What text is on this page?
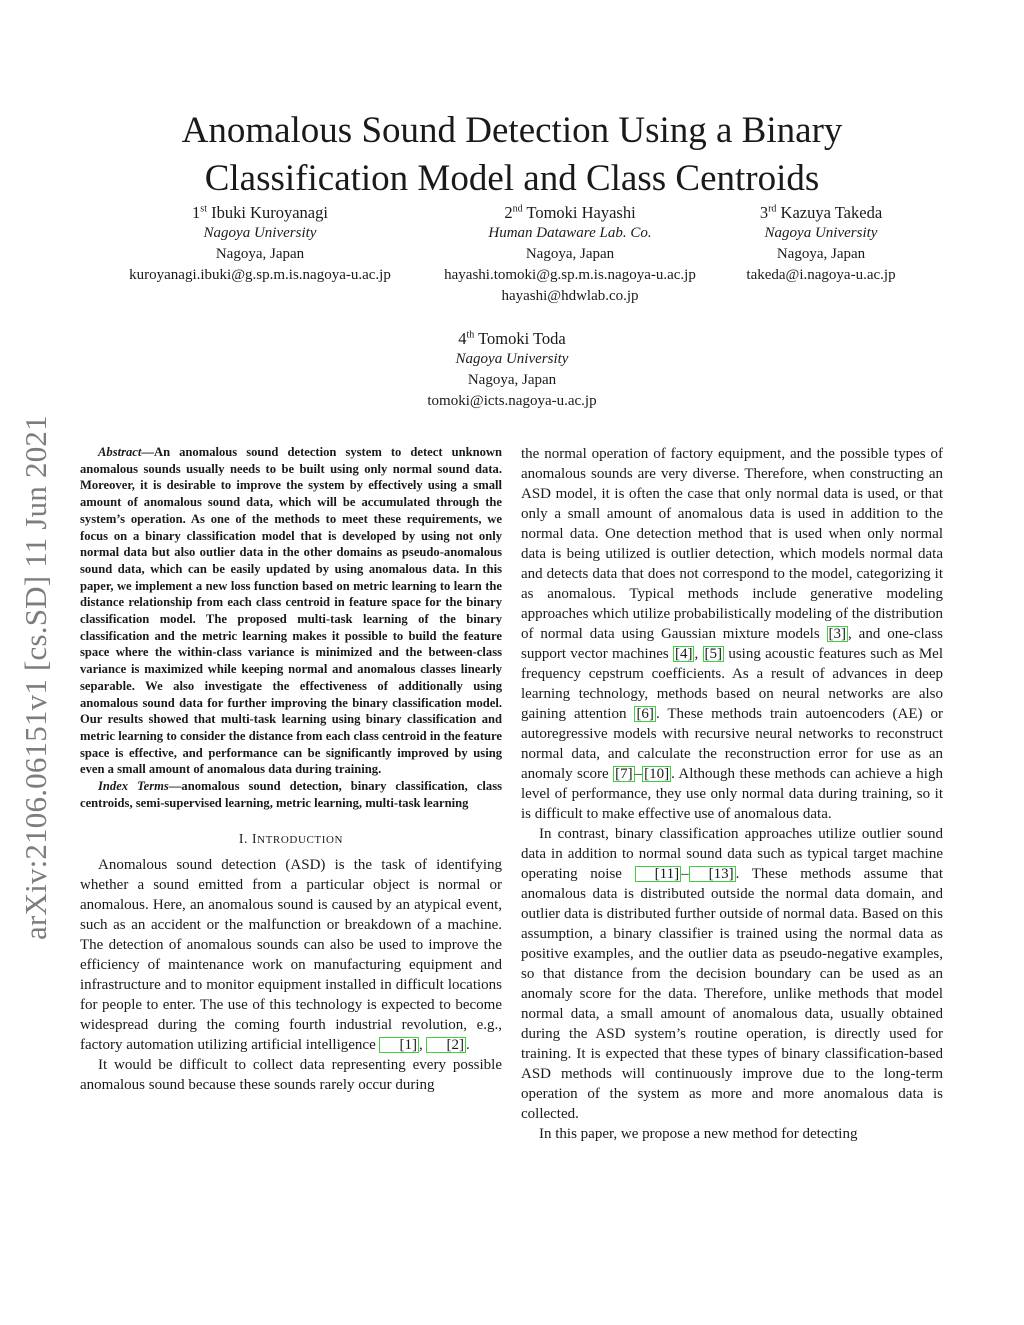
arXiv:2106.06151v1 [cs.SD] 11 Jun 2021
Anomalous Sound Detection Using a Binary
Classification Model and Class Centroids
1st Ibuki Kuroyanagi
Nagoya University
Nagoya, Japan
kuroyanagi.ibuki@g.sp.m.is.nagoya-u.ac.jp
2nd Tomoki Hayashi
Human Dataware Lab. Co.
Nagoya, Japan
hayashi.tomoki@g.sp.m.is.nagoya-u.ac.jp
hayashi@hdwlab.co.jp
3rd Kazuya Takeda
Nagoya University
Nagoya, Japan
takeda@i.nagoya-u.ac.jp
4th Tomoki Toda
Nagoya University
Nagoya, Japan
tomoki@icts.nagoya-u.ac.jp

Abstract—An anomalous sound detection system to detect unknown anomalous sounds usually needs to be built using only normal sound data. Moreover, it is desirable to improve the system by effectively using a small amount of anomalous sound data, which will be accumulated through the system’s operation. As one of the methods to meet these requirements, we focus on a binary classification model that is developed by using not only normal data but also outlier data in the other domains as pseudo-anomalous sound data, which can be easily updated by using anomalous data. In this paper, we implement a new loss function based on metric learning to learn the distance relationship from each class centroid in feature space for the binary classification model. The proposed multi-task learning of the binary classification and the metric learning makes it possible to build the feature space where the within-class variance is minimized and the between-class variance is maximized while keeping normal and anomalous classes linearly separable. We also investigate the effectiveness of additionally using anomalous sound data for further improving the binary classification model. Our results showed that multi-task learning using binary classification and metric learning to consider the distance from each class centroid in the feature space is effective, and performance can be significantly improved by using even a small amount of anomalous data during training.

Index Terms—anomalous sound detection, binary classification, class centroids, semi-supervised learning, metric learning, multi-task learning

I. INTRODUCTION

Anomalous sound detection (ASD) is the task of identifying whether a sound emitted from a particular object is normal or anomalous. Here, an anomalous sound is caused by an atypical event, such as an accident or the malfunction or breakdown of a machine. The detection of anomalous sounds can also be used to improve the efficiency of maintenance work on manufacturing equipment and infrastructure and to monitor equipment installed in difficult locations for people to enter. The use of this technology is expected to become widespread during the coming fourth industrial revolution, e.g., factory automation utilizing artificial intelligence [1] , [2] .

It would be difficult to collect data representing every possible anomalous sound because these sounds rarely occur during

the normal operation of factory equipment, and the possible types of anomalous sounds are very diverse. Therefore, when constructing an ASD model, it is often the case that only normal data is used, or that only a small amount of anomalous data is used in addition to the normal data. One detection method that is used when only normal data is being utilized is outlier detection, which models normal data and detects data that does not correspond to the model, categorizing it as anomalous. Typical methods include generative modeling approaches which utilize probabilistically modeling of the distribution of normal data using Gaussian mixture models [3] , and one-class support vector machines [4] , [5] using acoustic features such as Mel frequency cepstrum coefficients. As a result of advances in deep learning technology, methods based on neural networks are also gaining attention [6] . These methods train autoencoders (AE) or autoregressive models with recursive neural networks to reconstruct normal data, and calculate the reconstruction error for use as an anomaly score [7] – [10] . Although these methods can achieve a high level of performance, they use only normal data during training, so it is difficult to make effective use of anomalous data.

In contrast, binary classification approaches utilize outlier sound data in addition to normal sound data such as typical target machine operating noise [11] – [13] . These methods assume that anomalous data is distributed outside the normal data domain, and outlier data is distributed further outside of normal data. Based on this assumption, a binary classifier is trained using the normal data as positive examples, and the outlier data as pseudo-negative examples, so that distance from the decision boundary can be used as an anomaly score for the data. Therefore, unlike methods that model normal data, a small amount of anomalous data, usually obtained during the ASD system’s routine operation, is directly used for training. It is expected that these types of binary classification-based ASD methods will continuously improve due to the long-term operation of the system as more and more anomalous data is collected.

In this paper, we propose a new method for detecting
